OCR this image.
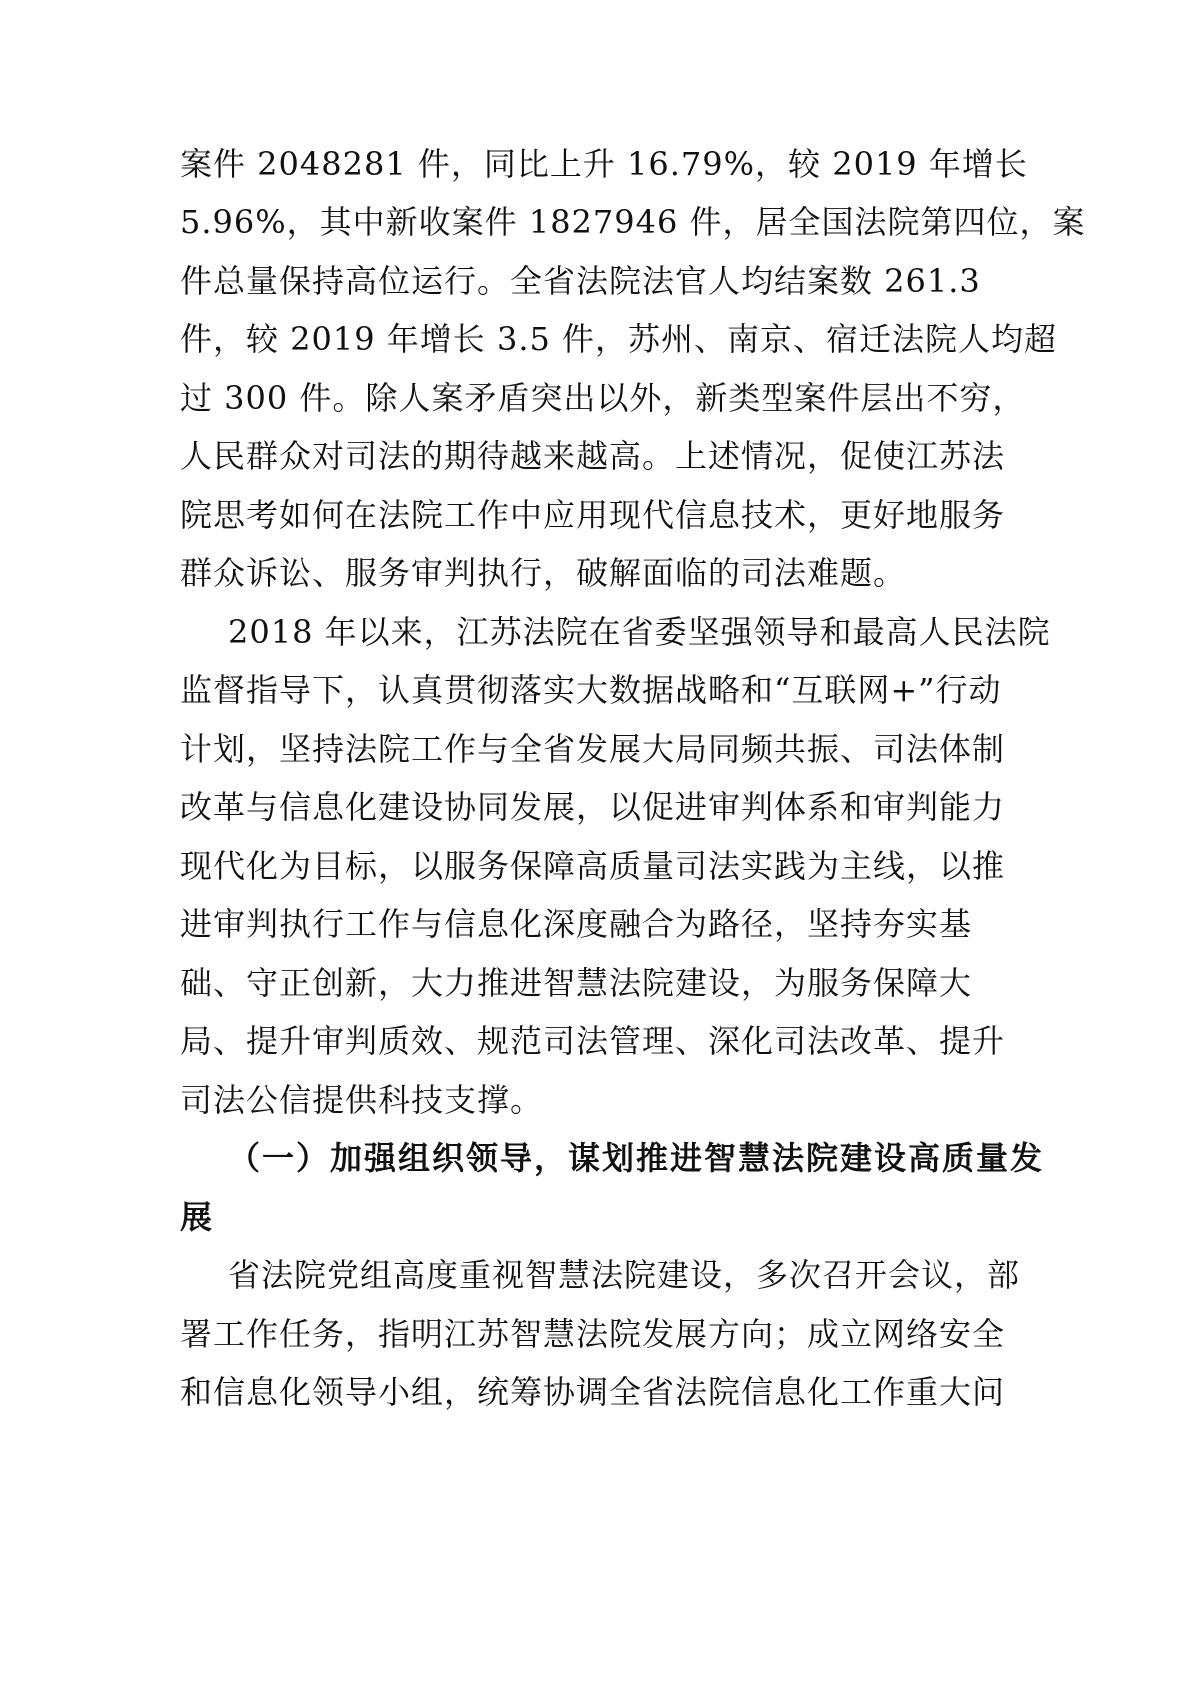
案件 2048281 件，同比上升 16.79%，较 2019 年增长
5.96%，其中新收案件 1827946 件，居全国法院第四位，案
件总量保持高位运行。全省法院法官人均结案数 261.3
件，较 2019 年增长 3.5 件，苏州、南京、宿迁法院人均超
过 300 件。除人案矛盾突出以外，新类型案件层出不穷，
人民群众对司法的期待越来越高。上述情况，促使江苏法
院思考如何在法院工作中应用现代信息技术，更好地服务
群众诉讼、服务审判执行，破解面临的司法难题。
2018 年以来，江苏法院在省委坚强领导和最高人民法院
监督指导下，认真贯彻落实大数据战略和“互联网+”行动
计划，坚持法院工作与全省发展大局同频共振、司法体制
改革与信息化建设协同发展，以促进审判体系和审判能力
现代化为目标，以服务保障高质量司法实践为主线，以推
进审判执行工作与信息化深度融合为路径，坚持夯实基
础、守正创新，大力推进智慧法院建设，为服务保障大
局、提升审判质效、规范司法管理、深化司法改革、提升
司法公信提供科技支撑。
（一）加强组织领导，谋划推进智慧法院建设高质量发
展
省法院党组高度重视智慧法院建设，多次召开会议，部
署工作任务，指明江苏智慧法院发展方向；成立网络安全
和信息化领导小组，统筹协调全省法院信息化工作重大问
